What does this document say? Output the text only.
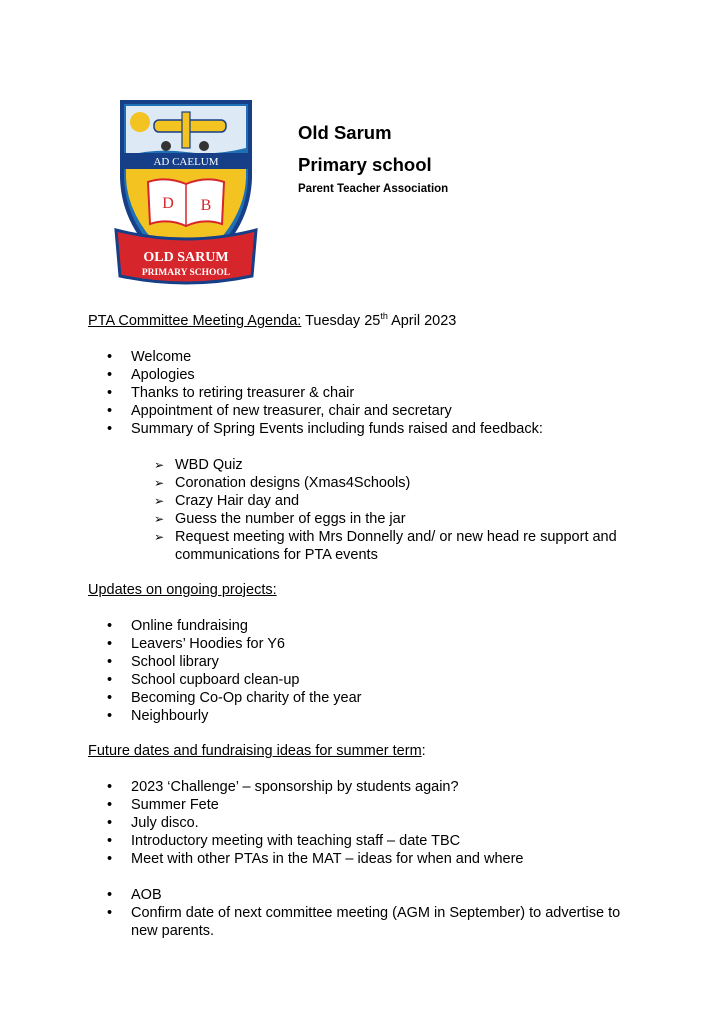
AD CAELUM
D B
OLD SARUM
PRIMARY SCHOOL
Old Sarum
Primary school
Parent Teacher Association

PTA Committee Meeting Agenda: Tuesday 25th April 2023

• Welcome
• Apologies
• Thanks to retiring treasurer & chair
• Appointment of new treasurer, chair and secretary
• Summary of Spring Events including funds raised and feedback:
➢ WBD Quiz
➢ Coronation designs (Xmas4Schools)
➢ Crazy Hair day and
➢ Guess the number of eggs in the jar
➢ Request meeting with Mrs Donnelly and/ or new head re support and communications for PTA events

Updates on ongoing projects:

• Online fundraising
• Leavers’ Hoodies for Y6
• School library
• School cupboard clean-up
• Becoming Co-Op charity of the year
• Neighbourly

Future dates and fundraising ideas for summer term:

• 2023 ‘Challenge’ – sponsorship by students again?
• Summer Fete
• July disco.
• Introductory meeting with teaching staff – date TBC
• Meet with other PTAs in the MAT – ideas for when and where
• AOB
• Confirm date of next committee meeting (AGM in September) to advertise to new parents.
